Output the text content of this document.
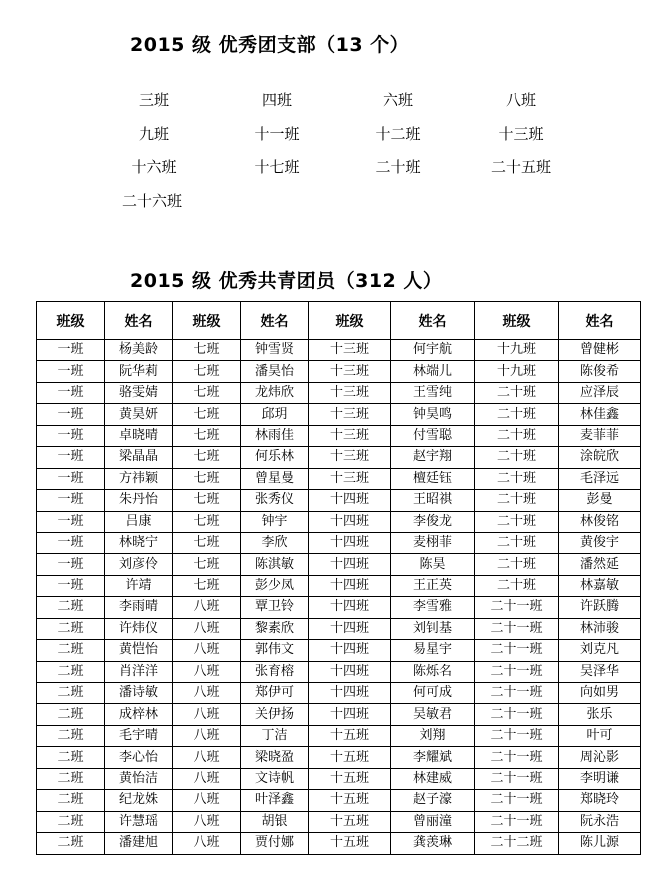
2015 级 优秀团支部（13 个）
三班	四班	六班	八班
九班	十一班	十二班	十三班
十六班	十七班	二十班	二十五班
二十六班
2015 级 优秀共青团员（312 人）
班级	姓名	班级	姓名	班级	姓名	班级	姓名
一班	杨美龄	七班	钟雪贤	十三班	何宇航	十九班	曾健彬
一班	阮华莉	七班	潘昊怡	十三班	林端儿	十九班	陈俊希
一班	骆雯婧	七班	龙炜欣	十三班	王雪纯	二十班	应泽辰
一班	黄昊妍	七班	邱玥	十三班	钟昊鸣	二十班	林佳鑫
一班	卓晓晴	七班	林雨佳	十三班	付雪聪	二十班	麦菲菲
一班	梁晶晶	七班	何乐林	十三班	赵宇翔	二十班	涂皖欣
一班	方祎颖	七班	曾星曼	十三班	檀廷钰	二十班	毛泽远
一班	朱丹怡	七班	张秀仪	十四班	王昭祺	二十班	彭曼
一班	吕康	七班	钟宇	十四班	李俊龙	二十班	林俊铭
一班	林晓宁	七班	李欣	十四班	麦栩菲	二十班	黄俊宇
一班	刘彦伶	七班	陈淇敏	十四班	陈昊	二十班	潘然延
一班	许靖	七班	彭少凤	十四班	王正英	二十班	林嘉敏
二班	李雨晴	八班	覃卫铃	十四班	李雪雅	二十一班	许跃腾
二班	许炜仪	八班	黎素欣	十四班	刘钊基	二十一班	林沛骏
二班	黄恺怡	八班	郭伟文	十四班	易星宇	二十一班	刘克凡
二班	肖洋洋	八班	张育榕	十四班	陈烁名	二十一班	吴泽华
二班	潘诗敏	八班	郑伊可	十四班	何可成	二十一班	向如男
二班	成梓林	八班	关伊扬	十四班	吴敏君	二十一班	张乐
二班	毛宇晴	八班	丁洁	十五班	刘翔	二十一班	叶可
二班	李心怡	八班	梁晓盈	十五班	李耀斌	二十一班	周沁影
二班	黄怡洁	八班	文诗帆	十五班	林建威	二十一班	李明谦
二班	纪龙姝	八班	叶泽鑫	十五班	赵子濠	二十一班	郑晓玲
二班	许慧瑶	八班	胡银	十五班	曾丽潼	二十一班	阮永浩
二班	潘建旭	八班	贾付娜	十五班	龚羡琳	二十二班	陈儿源
